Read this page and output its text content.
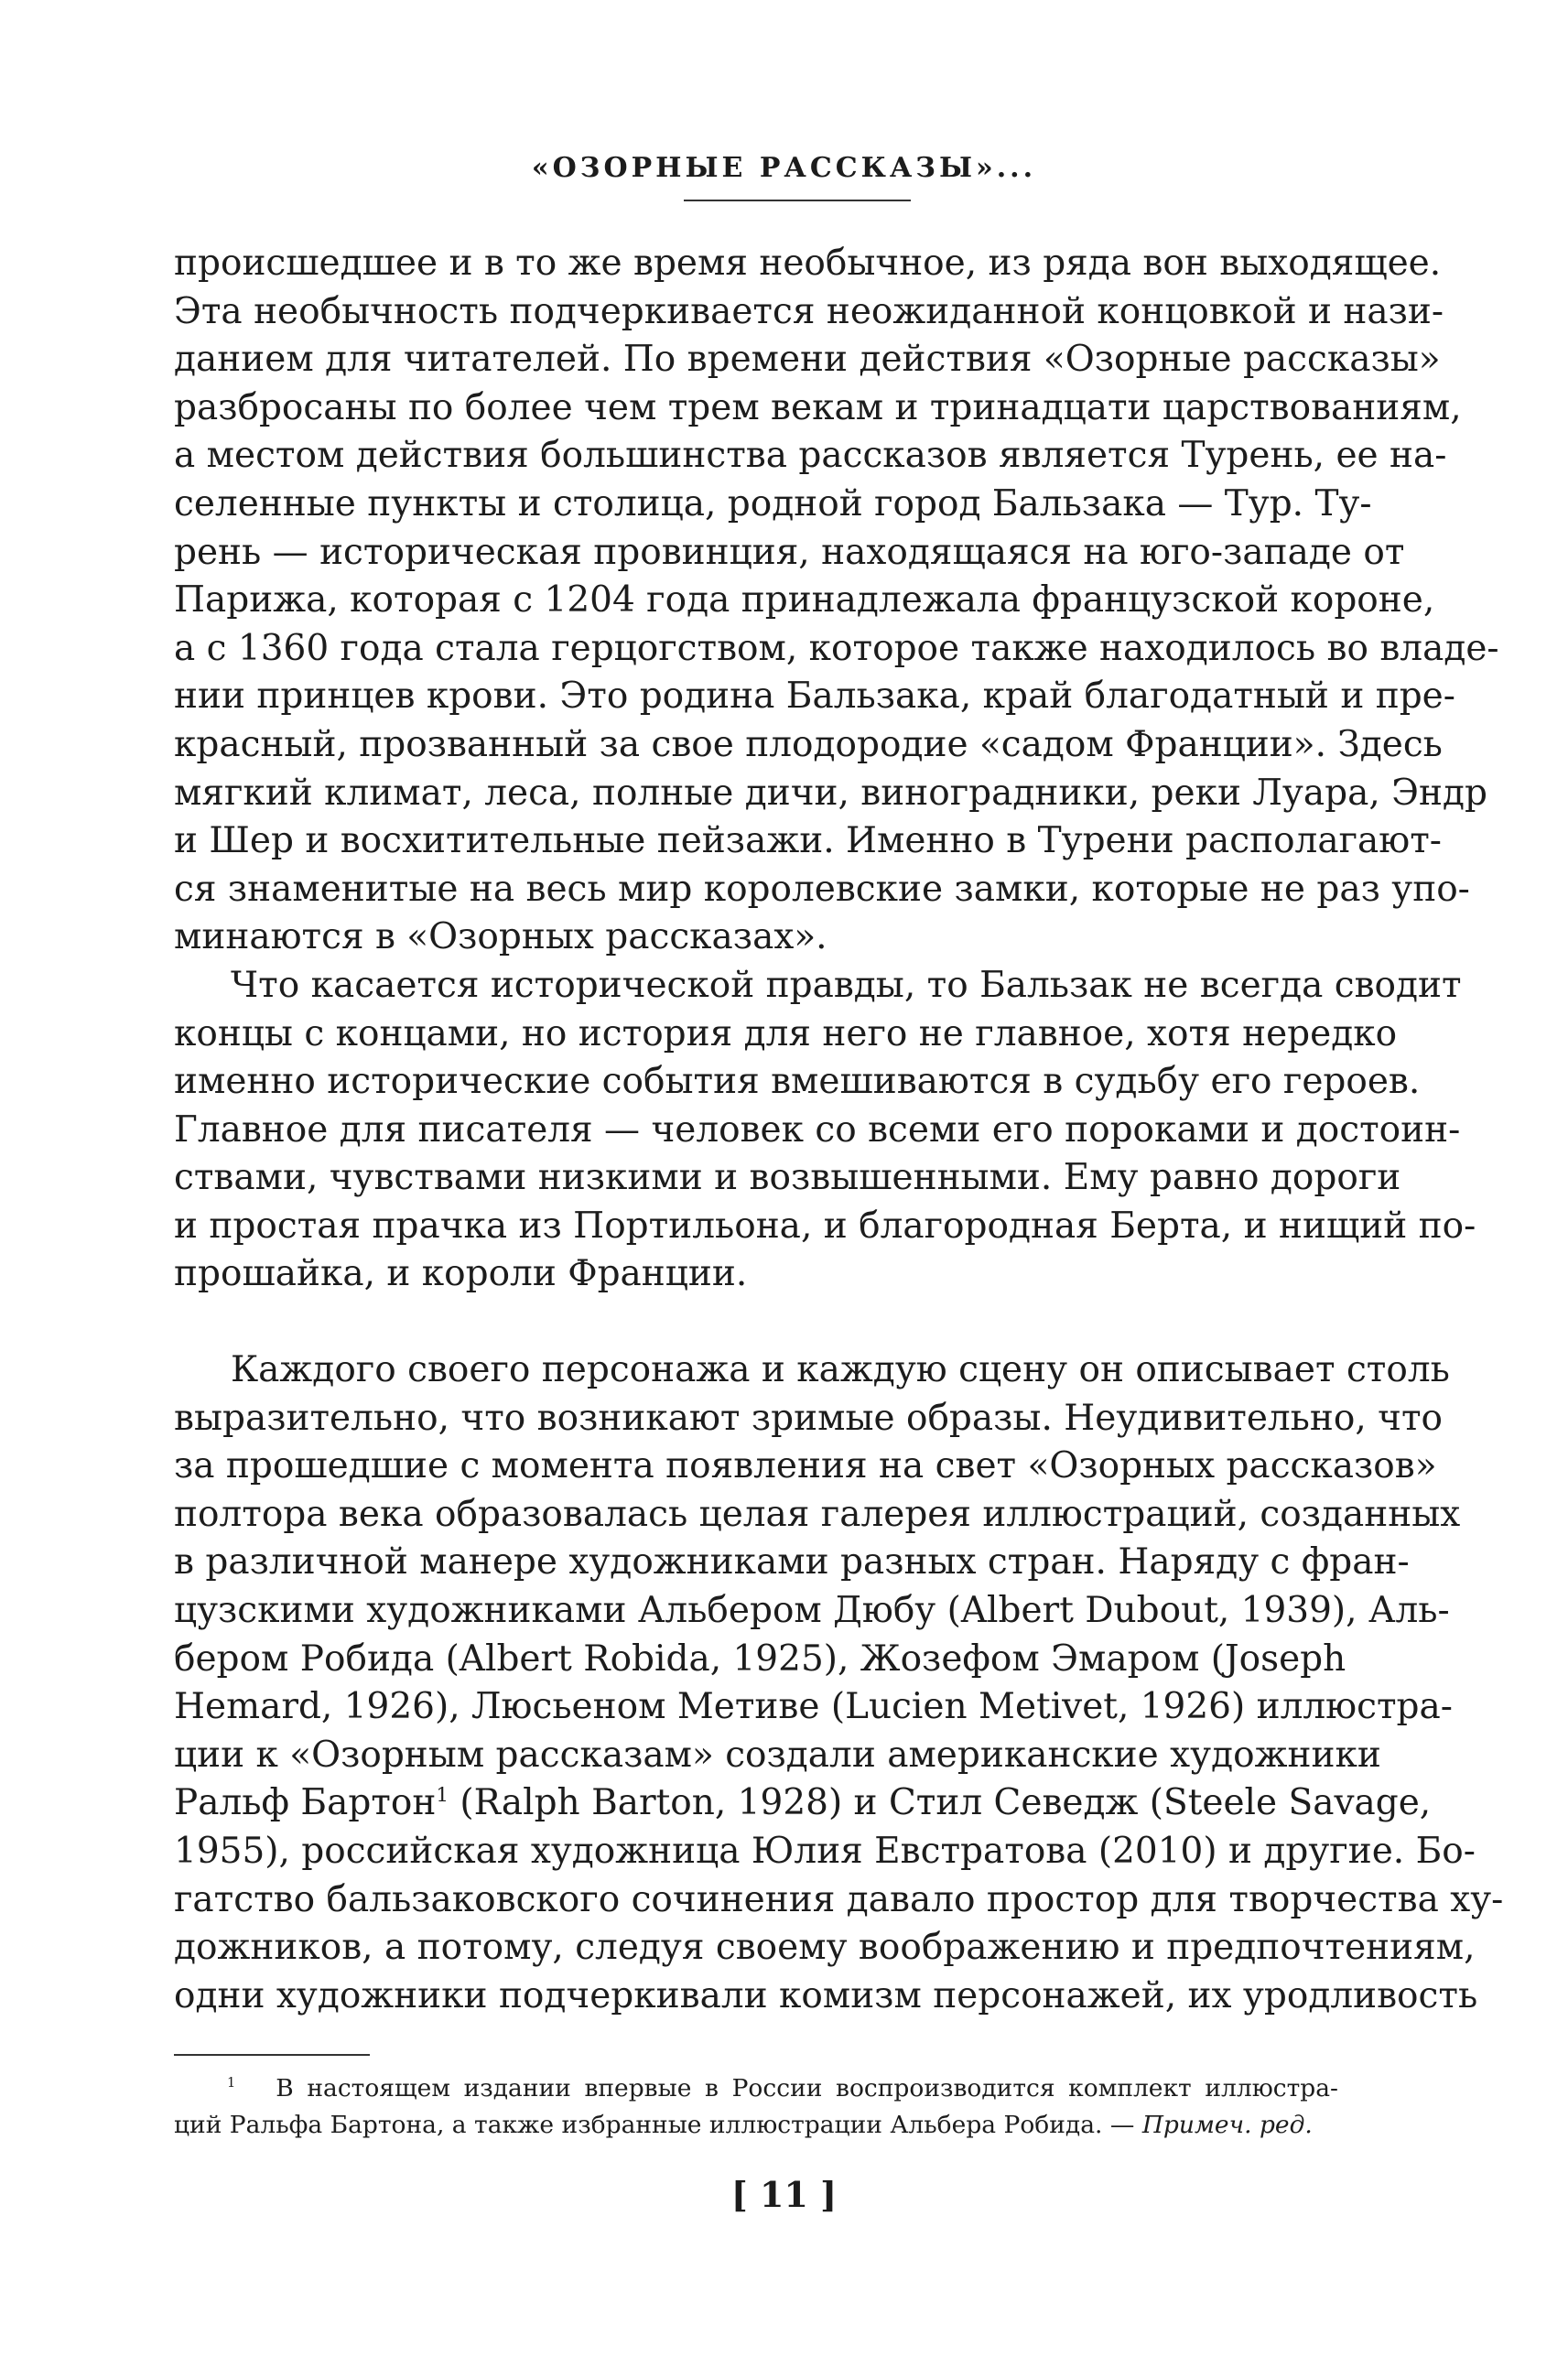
«ОЗОРНЫЕ РАССКАЗЫ»...
происшедшее и в то же время необычное, из ряда вон выходящее.
Эта необычность подчеркивается неожиданной концовкой и нази-
данием для читателей. По времени действия «Озорные рассказы»
разбросаны по более чем трем векам и тринадцати царствованиям,
а местом действия большинства рассказов является Турень, ее на-
селенные пункты и столица, родной город Бальзака — Тур. Ту-
рень — историческая провинция, находящаяся на юго-западе от
Парижа, которая с 1204 года принадлежала французской короне,
а с 1360 года стала герцогством, которое также находилось во владе-
нии принцев крови. Это родина Бальзака, край благодатный и пре-
красный, прозванный за свое плодородие «садом Франции». Здесь
мягкий климат, леса, полные дичи, виноградники, реки Луара, Эндр
и Шер и восхитительные пейзажи. Именно в Турени располагают-
ся знаменитые на весь мир королевские замки, которые не раз упо-
минаются в «Озорных рассказах».
Что касается исторической правды, то Бальзак не всегда сводит
концы с концами, но история для него не главное, хотя нередко
именно исторические события вмешиваются в судьбу его героев.
Главное для писателя — человек со всеми его пороками и достоин-
ствами, чувствами низкими и возвышенными. Ему равно дороги
и простая прачка из Портильона, и благородная Берта, и нищий по-
прошайка, и короли Франции.
Каждого своего персонажа и каждую сцену он описывает столь
выразительно, что возникают зримые образы. Неудивительно, что
за прошедшие с момента появления на свет «Озорных рассказов»
полтора века образовалась целая галерея иллюстраций, созданных
в различной манере художниками разных стран. Наряду с фран-
цузскими художниками Альбером Дюбу (Albert Dubout, 1939), Аль-
бером Робида (Albert Robida, 1925), Жозефом Эмаром (Joseph
Hemard, 1926), Люсьеном Метиве (Lucien Metivet, 1926) иллюстра-
ции к «Озорным рассказам» создали американские художники
Ральф Бартон$^1$ (Ralph Barton, 1928) и Стил Севедж (Steele Savage,
1955), российская художница Юлия Евстратова (2010) и другие. Бо-
гатство бальзаковского сочинения давало простор для творчества ху-
дожников, а потому, следуя своему воображению и предпочтениям,
одни художники подчеркивали комизм персонажей, их уродливость
$^1$ В настоящем издании впервые в России воспроизводится комплект иллюстра-
ций Ральфа Бартона, а также избранные иллюстрации Альбера Робида. — Примеч. ред.
[ 11 ]
